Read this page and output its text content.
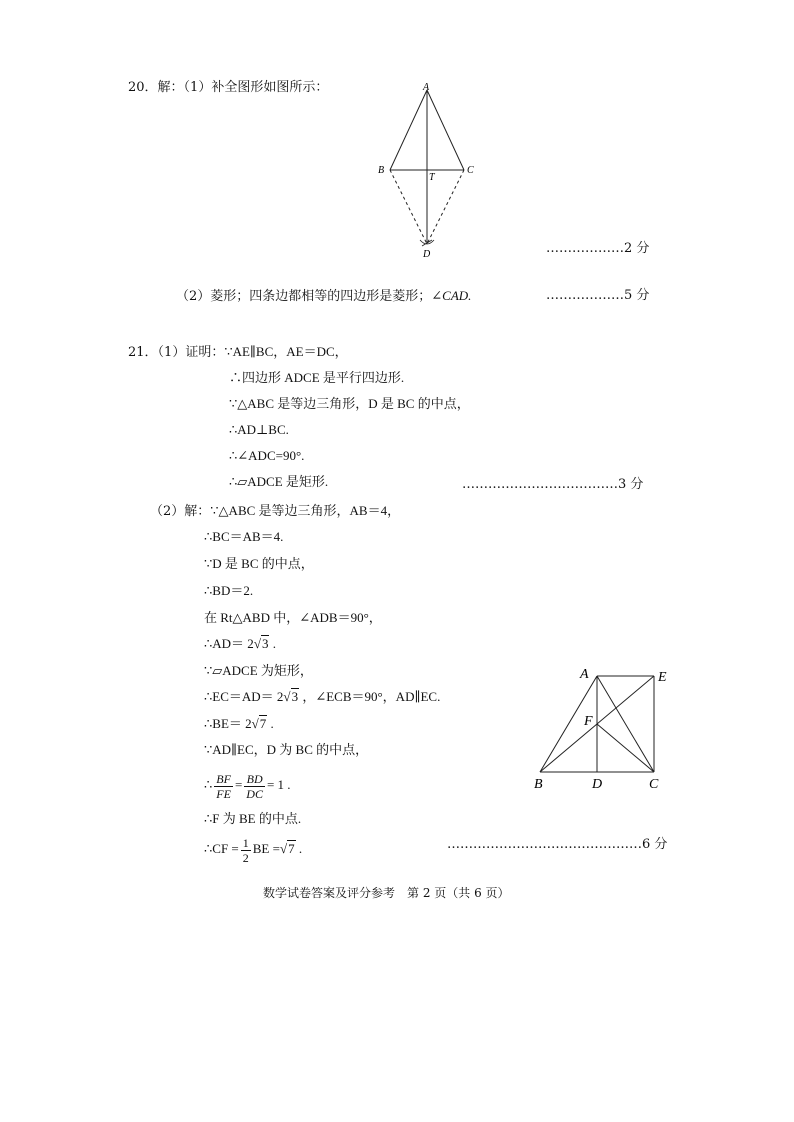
20．解：（1）补全图形如图所示：	A
B	C
T
D	………………2 分
（2）菱形；四条边都相等的四边形是菱形；∠CAD.	………………5 分
21．（1）证明：∵AE∥BC，AE＝DC，
∴四边形 ADCE 是平行四边形.
∵△ABC 是等边三角形，D 是 BC 的中点，
∴AD⊥BC.
∴∠ADC=90°.
∴▱ADCE 是矩形.	………………………………3 分
（2）解：∵△ABC 是等边三角形，AB＝4，
∴BC＝AB＝4.
∵D 是 BC 的中点，
∴BD＝2.
在 Rt△ABD 中，∠ADB＝90°，
∴AD＝ 2√3 .
∵▱ADCE 为矩形，
∴EC＝AD＝ 2√3 ，∠ECB＝90°，AD∥EC.
∴BE＝ 2√7 .
∵AD∥EC，D 为 BC 的中点，
∴ $\frac{BF}{FE} = \frac{BD}{DC} = 1$ .
∴F 为 BE 的中点.
∴CF = $\frac{1}{2}$ BE =√7 .	………………………………………6 分
A	E
F
B	D	C
数学试卷答案及评分参考　第 2 页（共 6 页）
